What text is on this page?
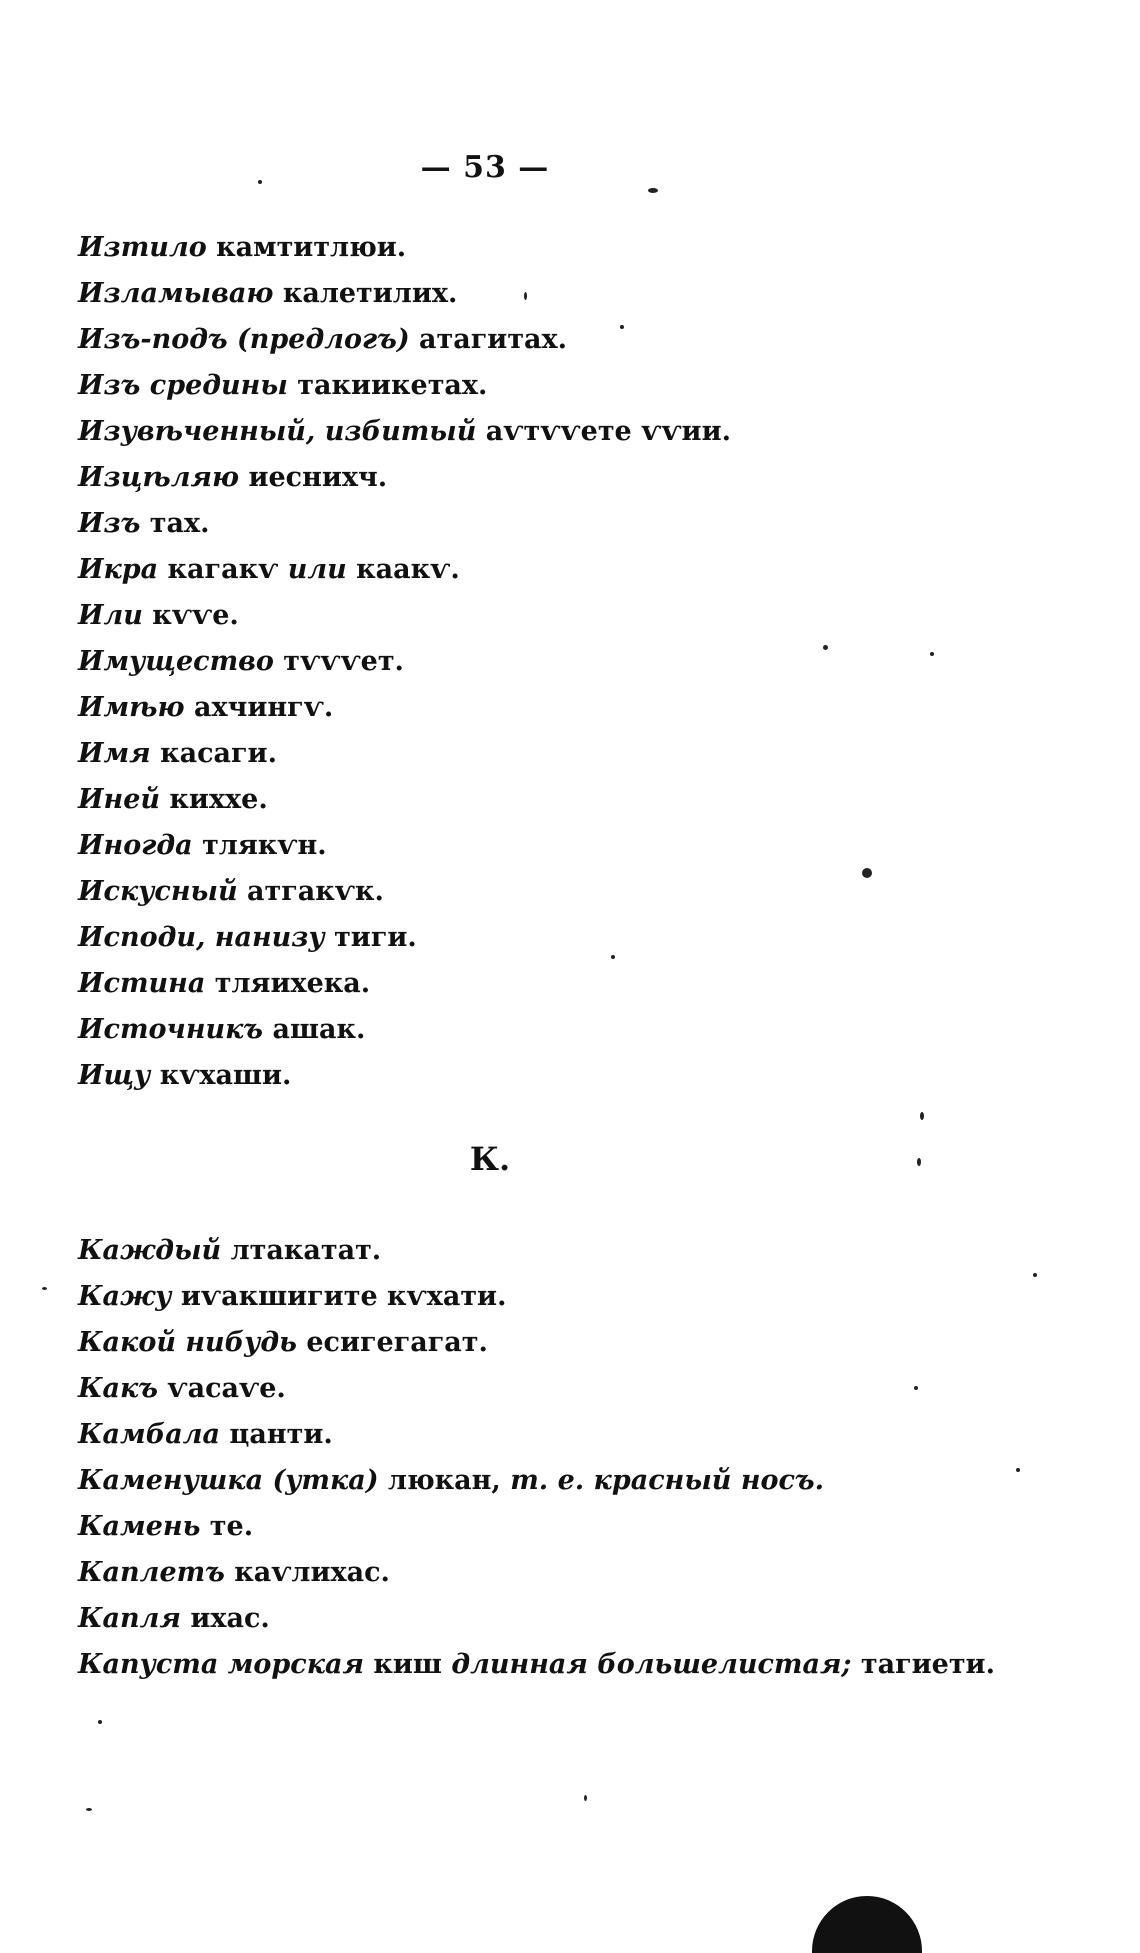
— 53 —
Изтило камтитлюи.
Изламываю калетилих.
Изъ-подъ (предлогъ) атагитах.
Изъ средины такиикетах.
Изувѣченный, избитый аѵтѵѵете ѵѵии.
Изцѣляю иеснихч.
Изъ тах.
Икра кагакѵ или каакѵ.
Или кѵѵе.
Имущество тѵѵѵет.
Имѣю ахчингѵ.
Имя касаги.
Иней кихxе.
Иногда тлякѵн.
Искусный атгакѵк.
Иcпoди, нанизу тиги.
Истина тляихека.
Источникъ ашак.
Ищу кѵхаши.
К.
Каждый лтакатат.
Кажу иѵакшигите кѵхати.
Какой нибудь есигегагат.
Какъ ѵасаѵе.
Камбала цанти.
Каменушка (утка) люкан, т. е. красный носъ.
Камень те.
Каплетъ каѵлихас.
Капля ихас.
Капуста морская киш длинная большелистая; тагиети.
